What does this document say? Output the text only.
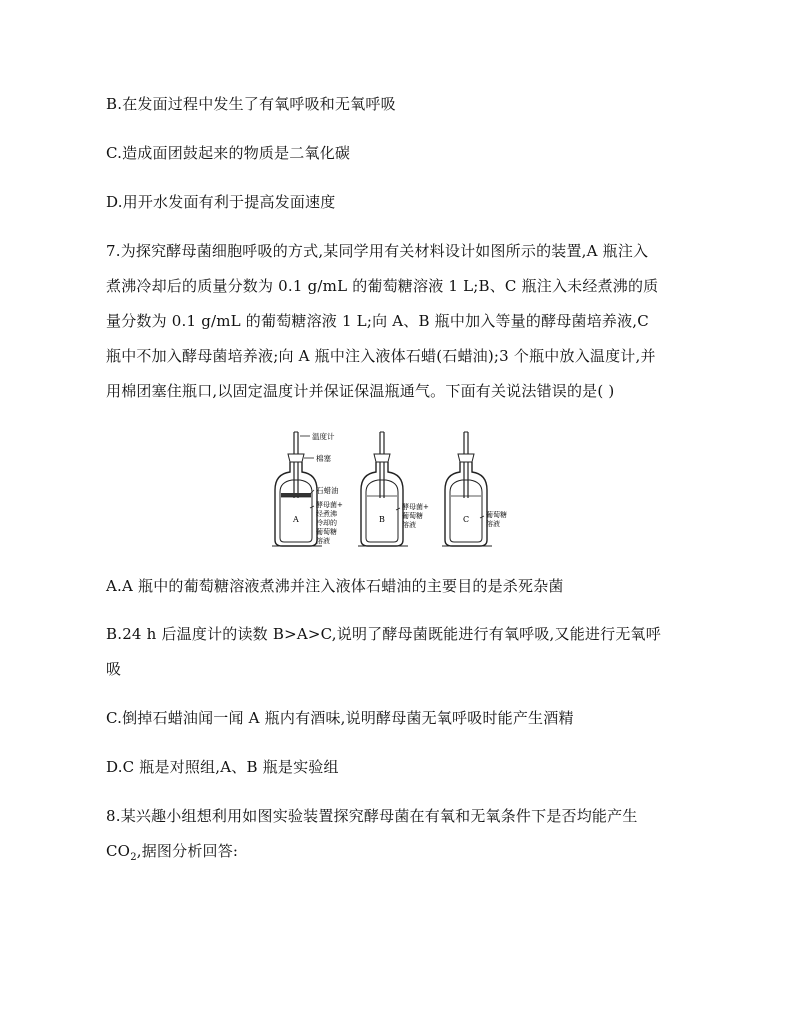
B.在发面过程中发生了有氧呼吸和无氧呼吸
C.造成面团鼓起来的物质是二氧化碳
D.用开水发面有利于提高发面速度
7.为探究酵母菌细胞呼吸的方式,某同学用有关材料设计如图所示的装置,A 瓶注入
煮沸冷却后的质量分数为 0.1 g/mL 的葡萄糖溶液 1 L;B、C 瓶注入未经煮沸的质
量分数为 0.1 g/mL 的葡萄糖溶液 1 L;向 A、B 瓶中加入等量的酵母菌培养液,C
瓶中不加入酵母菌培养液;向 A 瓶中注入液体石蜡(石蜡油);3 个瓶中放入温度计,并
用棉团塞住瓶口,以固定温度计并保证保温瓶通气。下面有关说法错误的是( )
A
温度计
棉塞
石蜡油
酵母菌+
经煮沸
冷却的
葡萄糖
溶液
B
酵母菌+
葡萄糖
溶液
C 葡萄糖
溶液
A.A 瓶中的葡萄糖溶液煮沸并注入液体石蜡油的主要目的是杀死杂菌
B.24 h 后温度计的读数 B>A>C,说明了酵母菌既能进行有氧呼吸,又能进行无氧呼
吸
C.倒掉石蜡油闻一闻 A 瓶内有酒味,说明酵母菌无氧呼吸时能产生酒精
D.C 瓶是对照组,A、B 瓶是实验组
8.某兴趣小组想利用如图实验装置探究酵母菌在有氧和无氧条件下是否均能产生
$CO_2$,据图分析回答:
